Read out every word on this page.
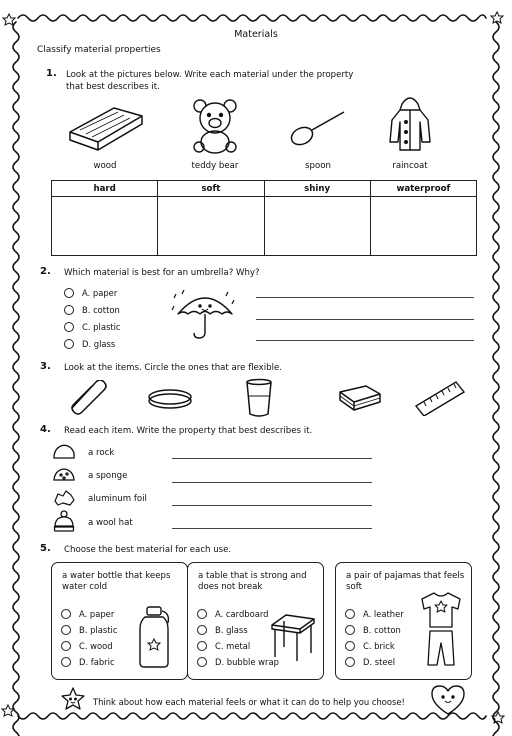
Materials
Classify material properties
1. Look at the pictures below. Write each material under the property that best describes it.
wood	teddy bear	spoon	raincoat
hard	soft	shiny	waterproof

2. Which material is best for an umbrella? Why?
A. paper
B. cotton
C. plastic
D. glass
3. Look at the items. Circle the ones that are flexible.
4. Read each item. Write the property that best describes it.
a rock
a sponge
aluminum foil
a wool hat
5. Choose the best material for each use.
a water bottle that keeps water cold
A. paper
B. plastic
C. wood
D. fabric
a table that is strong and does not break
A. cardboard
B. glass
C. metal
D. bubble wrap
a pair of pajamas that feels soft
A. leather
B. cotton
C. brick
D. steel
Think about how each material feels or what it can do to help you choose!
